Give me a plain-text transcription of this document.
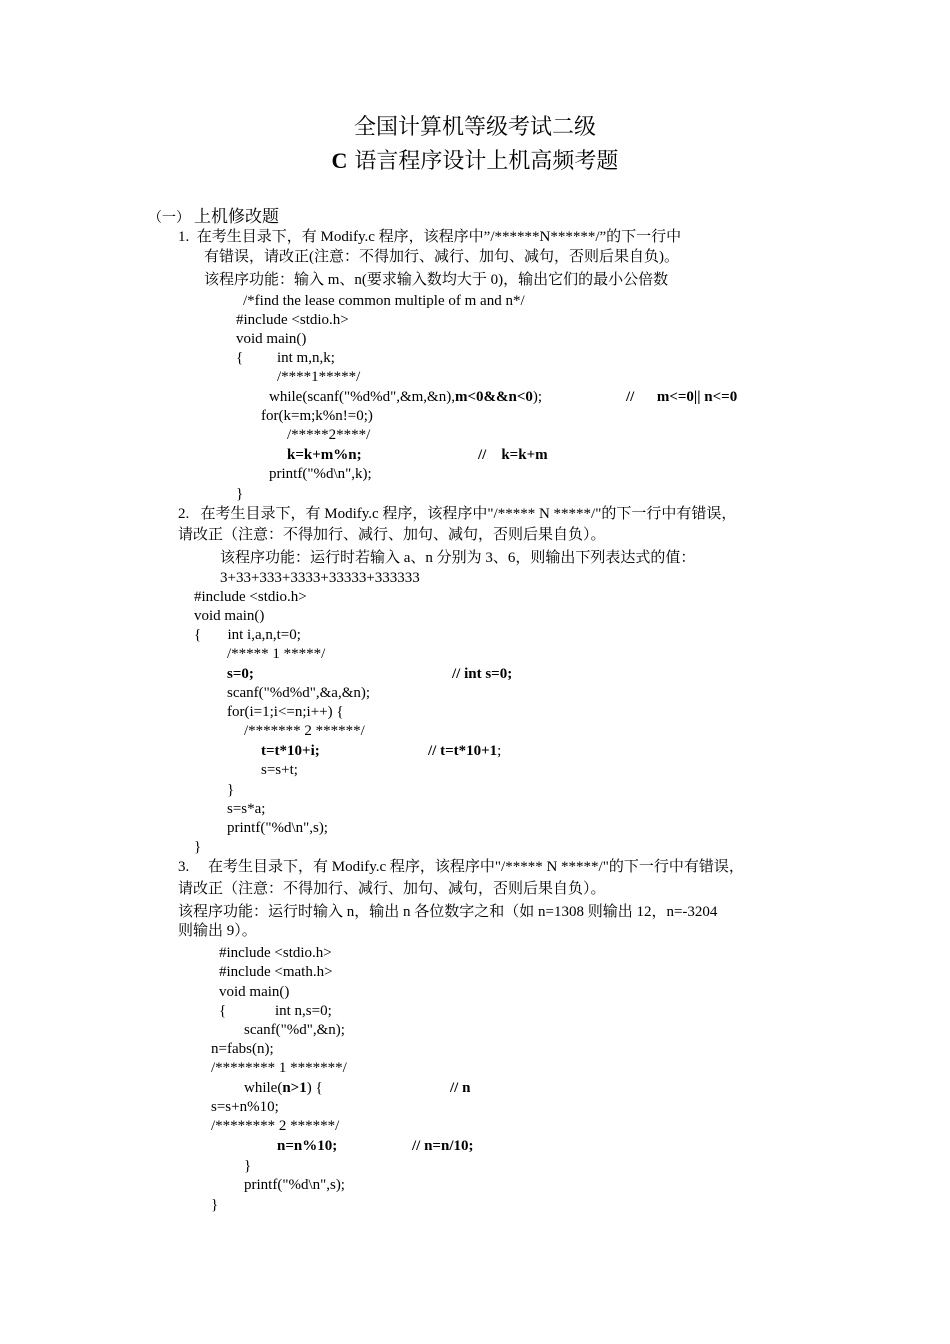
全国计算机等级考试二级
C 语言程序设计上机高频考题
（一） 上机修改题
1.  在考生目录下，有 Modify.c 程序，该程序中”/******N******/”的下一行中
有错误，请改正(注意：不得加行、减行、加句、减句，否则后果自负)。
该程序功能：输入 m、n(要求输入数均大于 0)，输出它们的最小公倍数
/*find the lease common multiple of m and n*/
#include <stdio.h>
void main()
{         int m,n,k;
/****1*****/
while(scanf("%d%d",&m,&n),m<0&&n<0);	//      m<=0|| n<=0
for(k=m;k%n!=0;)
/*****2****/
k=k+m%n;	//    k=k+m
printf("%d\n",k);
}
2.   在考生目录下，有 Modify.c 程序，该程序中"/***** N *****/"的下一行中有错误，
请改正（注意：不得加行、减行、加句、减句，否则后果自负）。
该程序功能：运行时若输入 a、n 分别为 3、6，则输出下列表达式的值：
3+33+333+3333+33333+333333
#include <stdio.h>
void main()
{       int i,a,n,t=0;
/***** 1 *****/
s=0;	// int s=0;
scanf("%d%d",&a,&n);
for(i=1;i<=n;i++) {
/******* 2 ******/
t=t*10+i;	// t=t*10+1;
s=s+t;
}
s=s*a;
printf("%d\n",s);
}
3.     在考生目录下，有 Modify.c 程序，该程序中"/***** N *****/"的下一行中有错误，
请改正（注意：不得加行、减行、加句、减句，否则后果自负）。
该程序功能：运行时输入 n，输出 n 各位数字之和（如 n=1308 则输出 12，n=-3204
则输出 9）。
#include <stdio.h>
#include <math.h>
void main()
{             int n,s=0;
scanf("%d",&n);
n=fabs(n);
/******** 1 *******/
while(n>1) {	// n
s=s+n%10;
/******** 2 ******/
n=n%10;	// n=n/10;
}
printf("%d\n",s);
}
